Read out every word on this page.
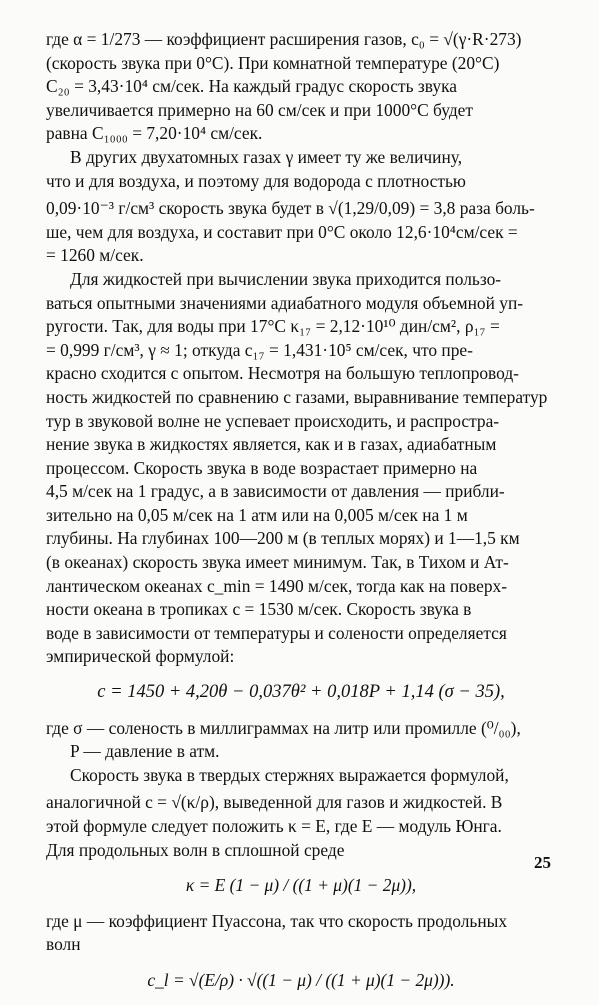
где α = 1/273 — коэффициент расширения газов, c₀ = √(γ·R·273)

(скорость звука при 0°C). При комнатной температуре (20°C)

C₂₀ = 3,43·10⁴ см/сек. На каждый градус скорость звука

увеличивается примерно на 60 см/сек и при 1000°C будет

равна C₁₀₀₀ = 7,20·10⁴ см/сек.

В других двухатомных газах γ имеет ту же величину,

что и для воздуха, и поэтому для водорода с плотностью

0,09·10⁻³ г/см³ скорость звука будет в √(1,29/0,09) = 3,8 раза боль-

ше, чем для воздуха, и составит при 0°C около 12,6·10⁴см/сек =

= 1260 м/сек.

Для жидкостей при вычислении звука приходится пользо-

ваться опытными значениями адиабатного модуля объемной уп-

ругости. Так, для воды при 17°C κ₁₇ = 2,12·10¹⁰ дин/см², ρ₁₇ =

= 0,999 г/см³, γ ≈ 1; откуда c₁₇ = 1,431·10⁵ см/сек, что пре-

красно сходится с опытом. Несмотря на большую теплопровод-

ность жидкостей по сравнению с газами, выравнивание температур

тур в звуковой волне не успевает происходить, и распростра-

нение звука в жидкостях является, как и в газах, адиабатным

процессом. Скорость звука в воде возрастает примерно на

4,5 м/сек на 1 градус, а в зависимости от давления — прибли-

зительно на 0,05 м/сек на 1 атм или на 0,005 м/сек на 1 м

глубины. На глубинах 100—200 м (в теплых морях) и 1—1,5 км

(в океанах) скорость звука имеет минимум. Так, в Тихом и Ат-

лантическом океанах c_min = 1490 м/сек, тогда как на поверх-

ности океана в тропиках c = 1530 м/сек. Скорость звука в

воде в зависимости от температуры и солености определяется

эмпирической формулой:

c = 1450 + 4,20θ − 0,037θ² + 0,018P + 1,14 (σ − 35),

где σ — соленость в миллиграммах на литр или промилле (⁰/₀₀),

P — давление в атм.

Скорость звука в твердых стержнях выражается формулой,

аналогичной c = √(κ/ρ), выведенной для газов и жидкостей. В

этой формуле следует положить κ = E, где E — модуль Юнга.

Для продольных волн в сплошной среде

κ = E (1 − μ) / ((1 + μ)(1 − 2μ)),

где μ — коэффициент Пуассона, так что скорость продольных

волн

c_l = √(E/ρ) · √((1 − μ) / ((1 + μ)(1 − 2μ))).

25
